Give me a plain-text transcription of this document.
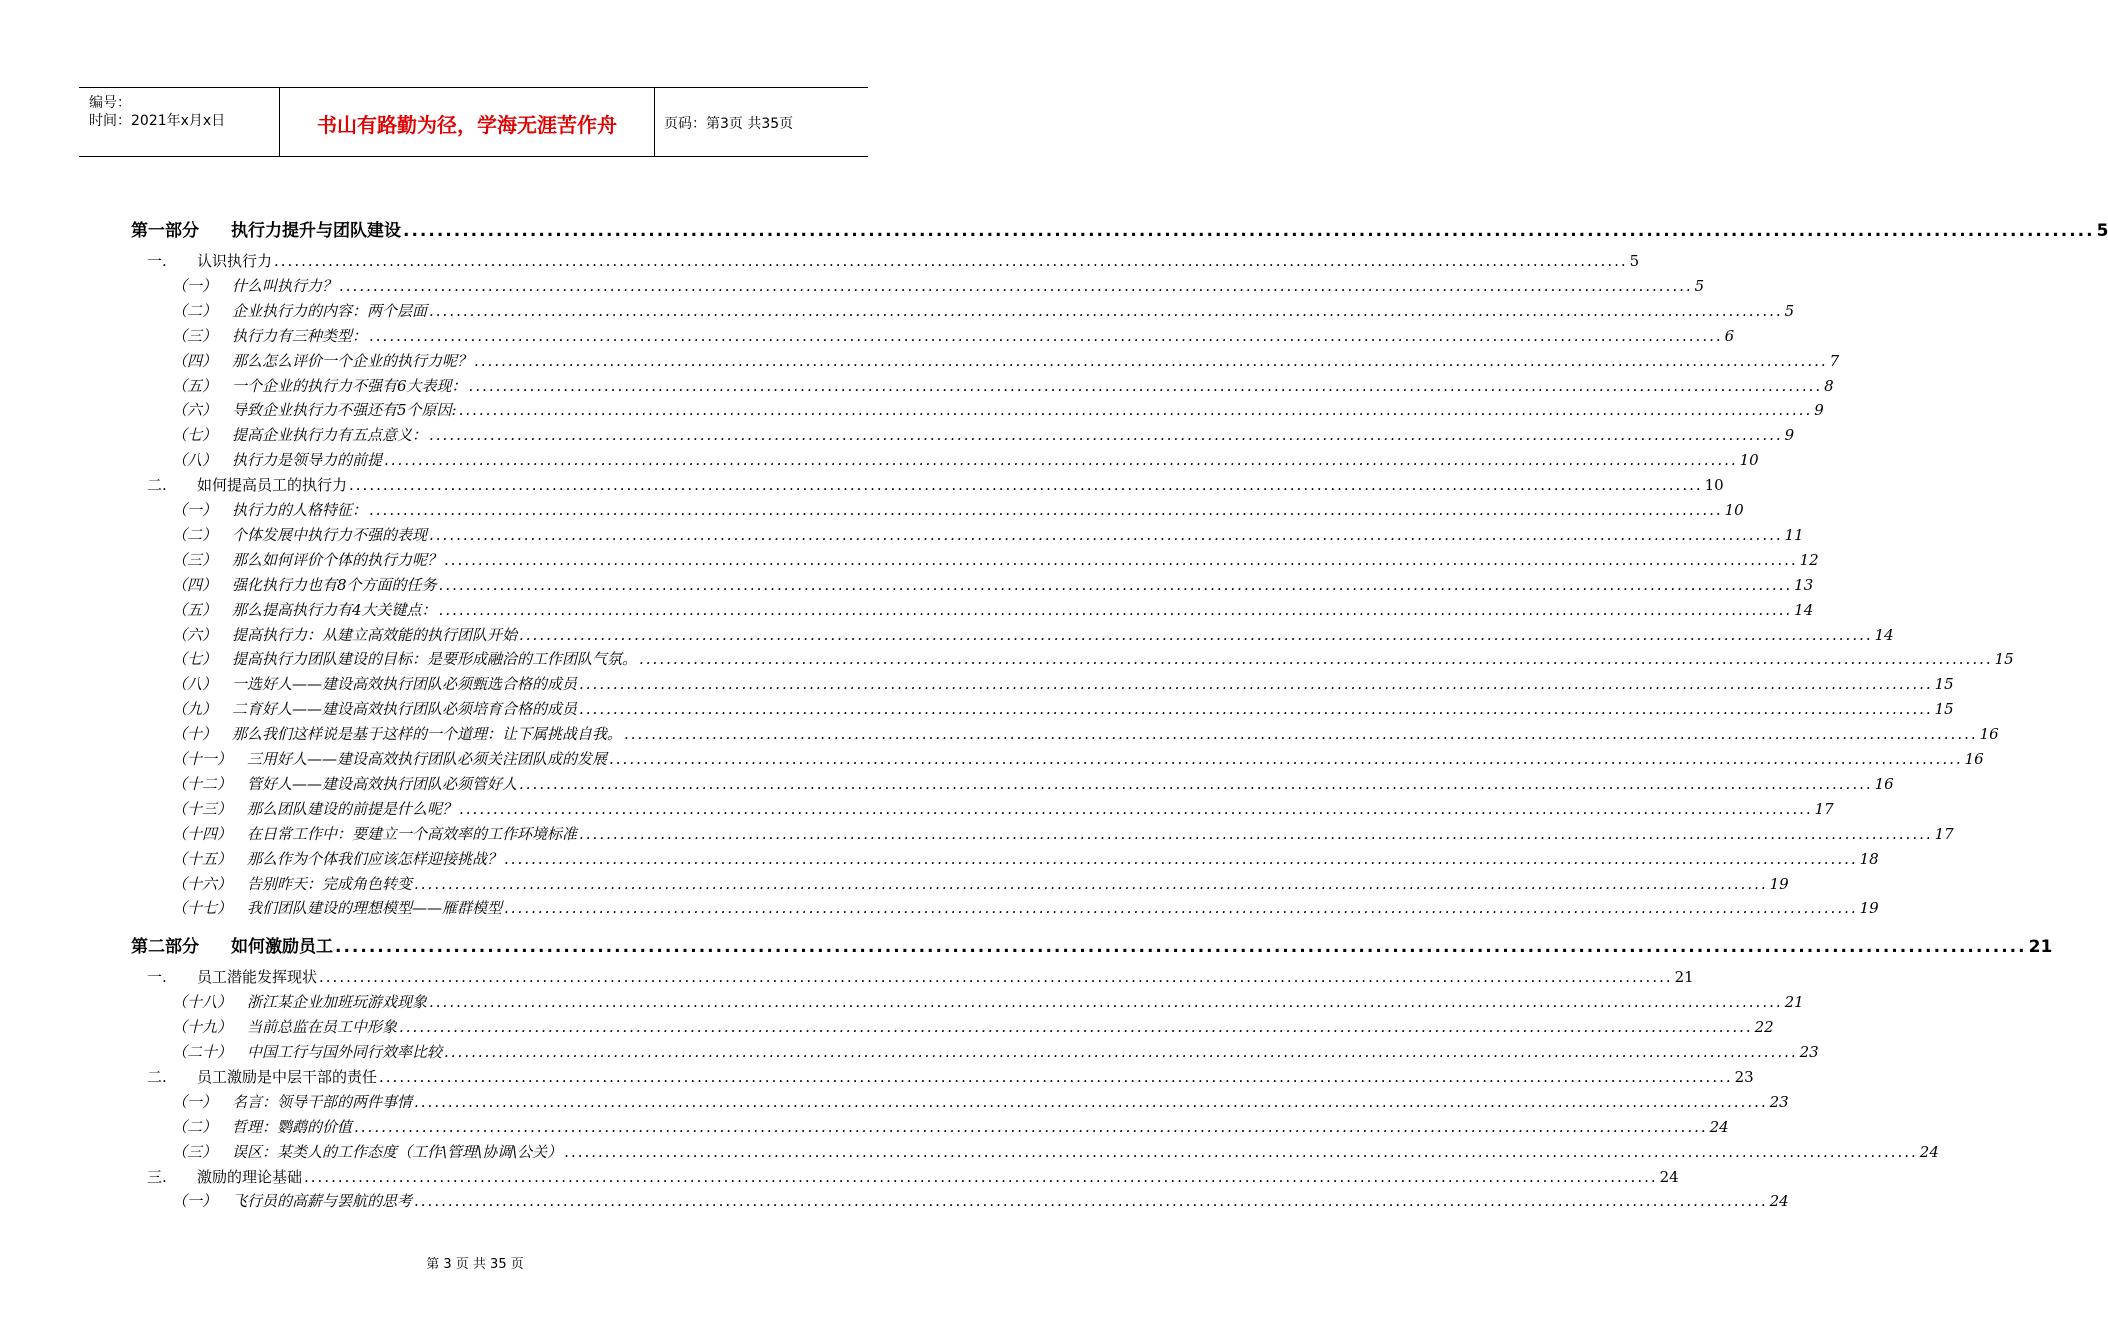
编号：
时间：2021年x月x日	书山有路勤为径，学海无涯苦作舟	页码：第3页 共35页
第一部分	执行力提升与团队建设 ........................................................................................................................................................................................................ 5
一.	认识执行力 ........................................................................................................................................................................................................ 5
（一） 什么叫执行力？ ........................................................................................................................................................................................................ 5
（二） 企业执行力的内容：两个层面 ........................................................................................................................................................................................................ 5
（三） 执行力有三种类型： ........................................................................................................................................................................................................ 6
（四） 那么怎么评价一个企业的执行力呢？ ........................................................................................................................................................................................................ 7
（五） 一个企业的执行力不强有6大表现： ........................................................................................................................................................................................................ 8
（六） 导致企业执行力不强还有5个原因: ........................................................................................................................................................................................................ 9
（七） 提高企业执行力有五点意义： ........................................................................................................................................................................................................ 9
（八） 执行力是领导力的前提 ........................................................................................................................................................................................................ 10
二.	如何提高员工的执行力 ........................................................................................................................................................................................................ 10
（一） 执行力的人格特征： ........................................................................................................................................................................................................ 10
（二） 个体发展中执行力不强的表现 ........................................................................................................................................................................................................ 11
（三） 那么如何评价个体的执行力呢？ ........................................................................................................................................................................................................ 12
（四） 强化执行力也有8个方面的任务 ........................................................................................................................................................................................................ 13
（五） 那么提高执行力有4大关键点： ........................................................................................................................................................................................................ 14
（六） 提高执行力：从建立高效能的执行团队开始 ........................................................................................................................................................................................................ 14
（七） 提高执行力团队建设的目标：是要形成融洽的工作团队气氛。 ........................................................................................................................................................................................................ 15
（八） 一选好人——建设高效执行团队必须甄选合格的成员 ........................................................................................................................................................................................................ 15
（九） 二育好人——建设高效执行团队必须培育合格的成员 ........................................................................................................................................................................................................ 15
（十） 那么我们这样说是基于这样的一个道理：让下属挑战自我。 ........................................................................................................................................................................................................ 16
（十一） 三用好人——建设高效执行团队必须关注团队成的发展 ........................................................................................................................................................................................................ 16
（十二） 管好人——建设高效执行团队必须管好人 ........................................................................................................................................................................................................ 16
（十三） 那么团队建设的前提是什么呢？ ........................................................................................................................................................................................................ 17
（十四） 在日常工作中：要建立一个高效率的工作环境标准 ........................................................................................................................................................................................................ 17
（十五） 那么作为个体我们应该怎样迎接挑战？ ........................................................................................................................................................................................................ 18
（十六） 告别昨天：完成角色转变 ........................................................................................................................................................................................................ 19
（十七） 我们团队建设的理想模型——雁群模型 ........................................................................................................................................................................................................ 19
第二部分	如何激励员工 ........................................................................................................................................................................................................ 21
一.	员工潜能发挥现状 ........................................................................................................................................................................................................ 21
（十八） 浙江某企业加班玩游戏现象 ........................................................................................................................................................................................................ 21
（十九） 当前总监在员工中形象 ........................................................................................................................................................................................................ 22
（二十） 中国工行与国外同行效率比较 ........................................................................................................................................................................................................ 23
二.	员工激励是中层干部的责任 ........................................................................................................................................................................................................ 23
（一） 名言：领导干部的两件事情 ........................................................................................................................................................................................................ 23
（二） 哲理：鹦鹉的价值 ........................................................................................................................................................................................................ 24
（三） 误区：某类人的工作态度（工作\管理\协调\公关） ........................................................................................................................................................................................................ 24
三.	激励的理论基础 ........................................................................................................................................................................................................ 24
（一） 飞行员的高薪与罢航的思考 ........................................................................................................................................................................................................ 24
第 3 页 共 35 页
